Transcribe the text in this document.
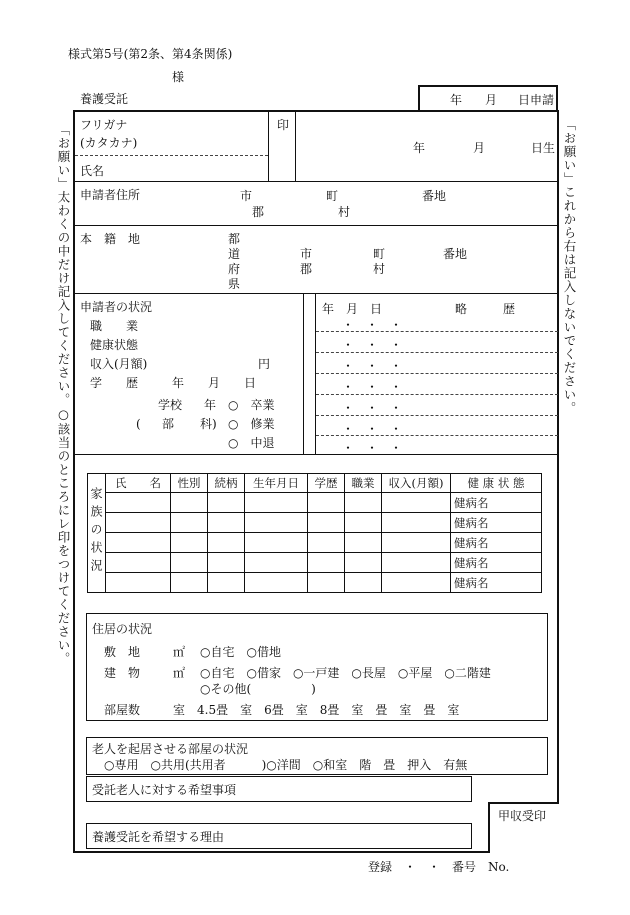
様式第5号(第2条、第4条関係)
様
「お願い」太わくの中だけ記入してください。○該当のところにレ印をつけてください。	「お願い」これから右は記入しないでください。
養護受託	年 月 日申請
フリガナ
(カタカナ)
氏名
印
年	月	日生
申請者住所	市
郡
町
村
番地
本　籍　地	都
道
府
県
市
郡
町
村
番地
申請者の状況
職　　業
健康状態
収入(月額)	円
学　　歴	年 月 日
学校 年 ○　卒業
( 部 科) ○　修業
○　中退
年　月　日	略　　　歴
・　・　・
・　・　・
・　・　・
・　・　・
・　・　・
・　・　・
・　・　・
家族の状況	氏　　名	性別	続柄	生年月日	学歴	職業	収入(月額)	健 康 状 態
								健病名
								健病名
								健病名
								健病名
								健病名
住居の状況
敷　地	㎡ ○自宅　○借地
建　物	㎡ ○自宅　○借家　○一戸建　○長屋　○平屋　○二階建
○その他(　　　　　)
部屋数	室　4.5畳　室　6畳　室　8畳　室　畳　室　畳　室
老人を起居させる部屋の状況
○専用　○共用(共用者　　　)○洋間　○和室　階　畳　押入　有無
受託老人に対する希望事項
甲収受印
養護受託を希望する理由
登録　・　・　番号　No.
